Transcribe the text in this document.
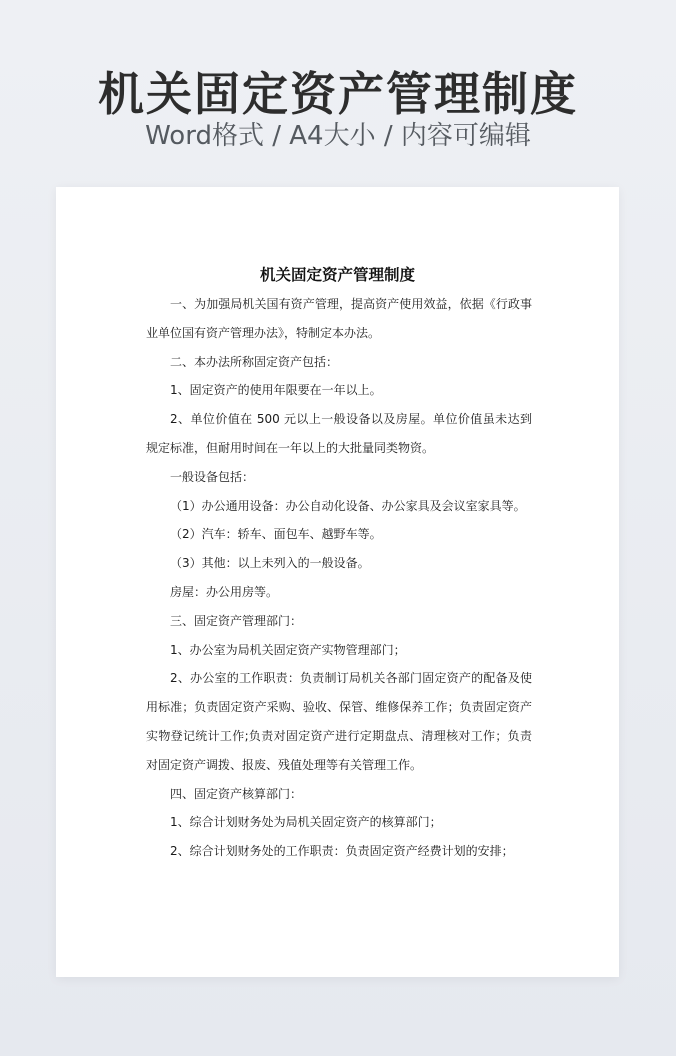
机关固定资产管理制度
Word格式 / A4大小 / 内容可编辑
机关固定资产管理制度

一、为加强局机关国有资产管理，提高资产使用效益，依据《行政事业单位国有资产管理办法》，特制定本办法。

二、本办法所称固定资产包括：

1、固定资产的使用年限要在一年以上。

2、单位价值在 500 元以上一般设备以及房屋。单位价值虽未达到规定标准，但耐用时间在一年以上的大批量同类物资。

一般设备包括：

（1）办公通用设备：办公自动化设备、办公家具及会议室家具等。

（2）汽车：轿车、面包车、越野车等。

（3）其他：以上未列入的一般设备。

房屋：办公用房等。

三、固定资产管理部门：

1、办公室为局机关固定资产实物管理部门；

2、办公室的工作职责：负责制订局机关各部门固定资产的配备及使用标准；负责固定资产采购、验收、保管、维修保养工作；负责固定资产实物登记统计工作;负责对固定资产进行定期盘点、清理核对工作；负责对固定资产调拨、报废、残值处理等有关管理工作。

四、固定资产核算部门：

1、综合计划财务处为局机关固定资产的核算部门；

2、综合计划财务处的工作职责：负责固定资产经费计划的安排；
